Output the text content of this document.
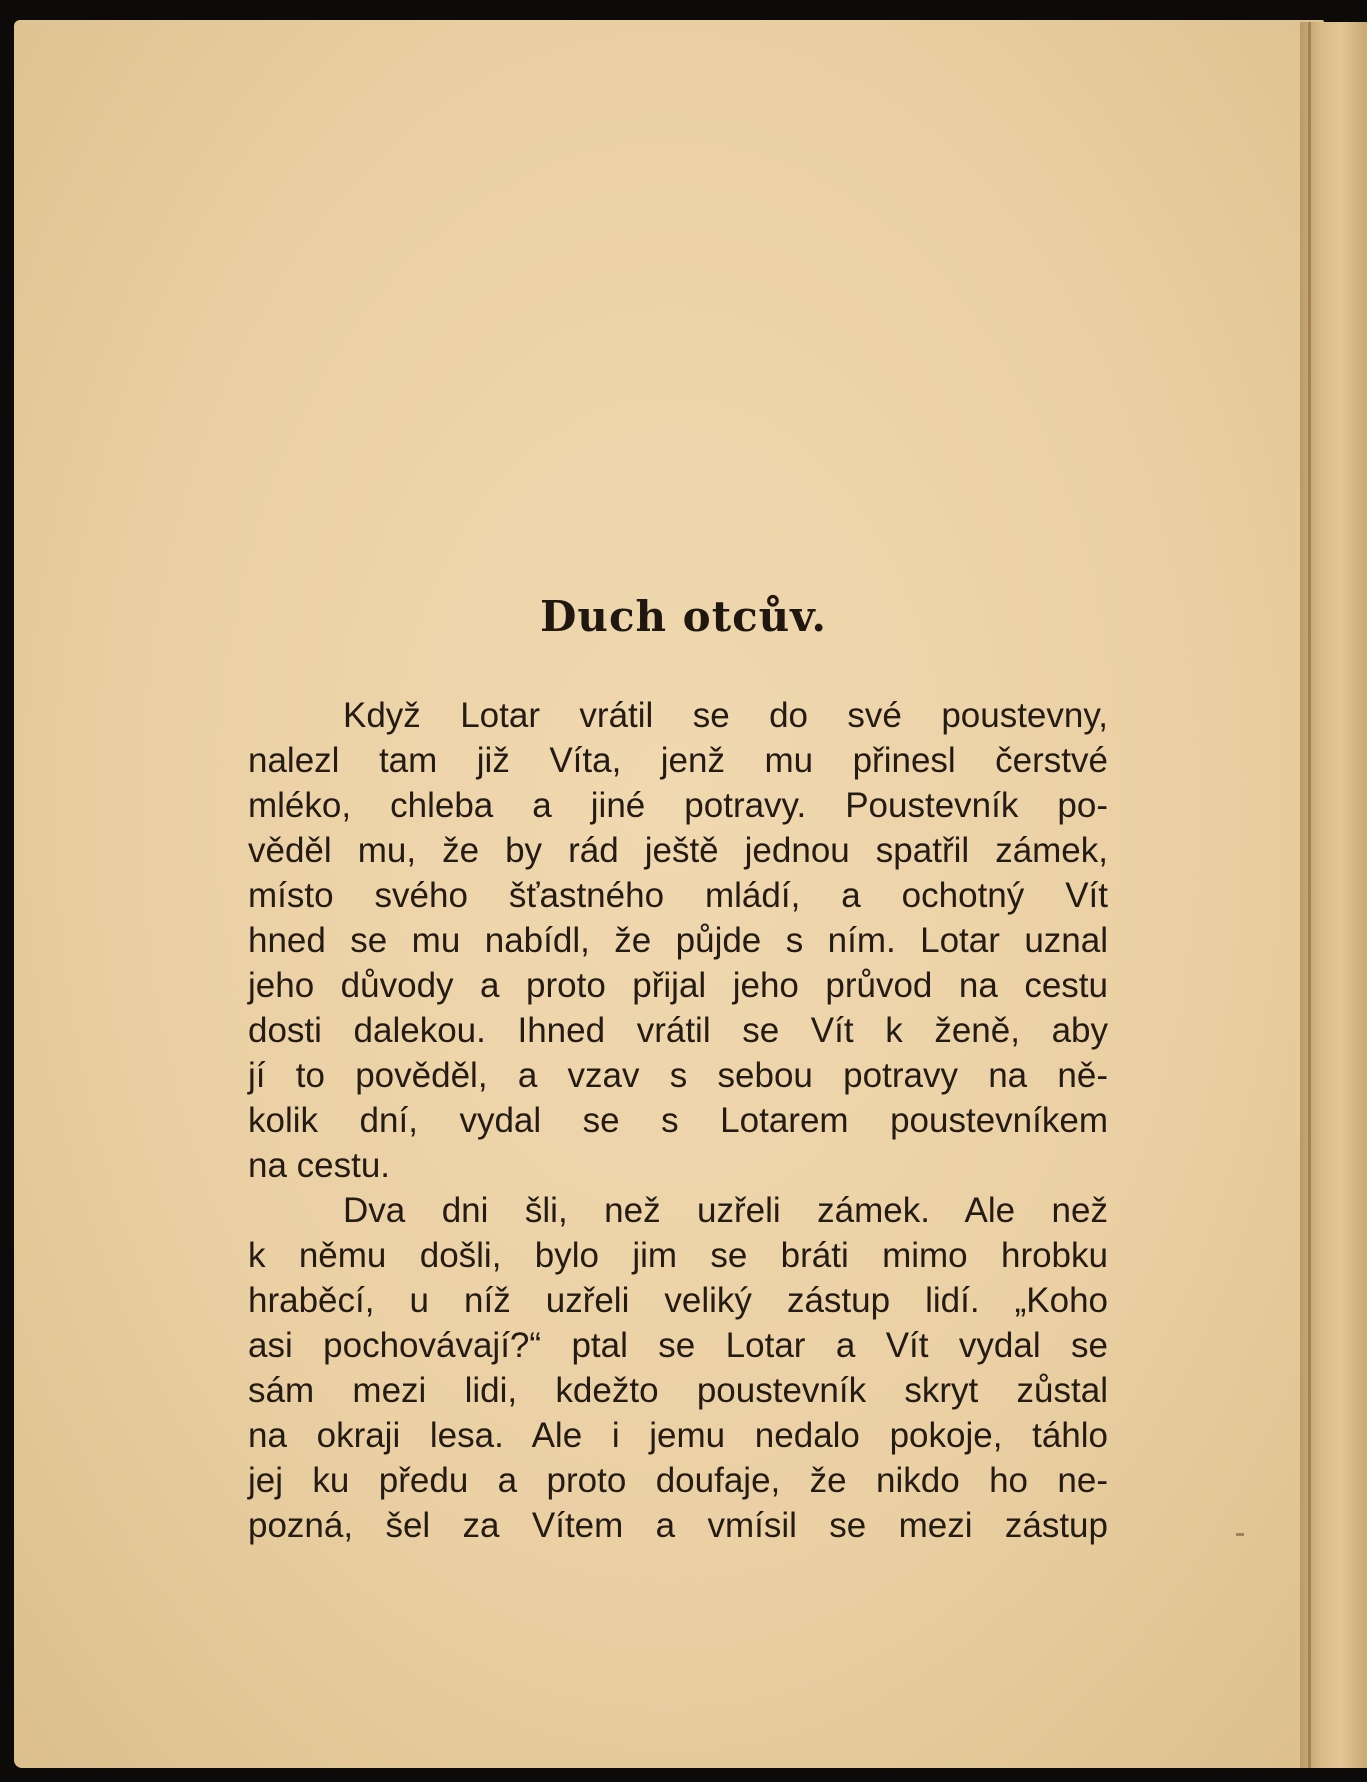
Duch otcův.
Když Lotar vrátil se do své poustevny,
nalezl tam již Víta, jenž mu přinesl čerstvé
mléko, chleba a jiné potravy. Poustevník po-
věděl mu, že by rád ještě jednou spatřil zámek,
místo svého šťastného mládí, a ochotný Vít
hned se mu nabídl, že půjde s ním. Lotar uznal
jeho důvody a proto přijal jeho průvod na cestu
dosti dalekou. Ihned vrátil se Vít k ženě, aby
jí to pověděl, a vzav s sebou potravy na ně-
kolik dní, vydal se s Lotarem poustevníkem
na cestu.
Dva dni šli, než uzřeli zámek. Ale než
k němu došli, bylo jim se bráti mimo hrobku
hraběcí, u níž uzřeli veliký zástup lidí. „Koho
asi pochovávají?“ ptal se Lotar a Vít vydal se
sám mezi lidi, kdežto poustevník skryt zůstal
na okraji lesa. Ale i jemu nedalo pokoje, táhlo
jej ku předu a proto doufaje, že nikdo ho ne-
pozná, šel za Vítem a vmísil se mezi zástup
